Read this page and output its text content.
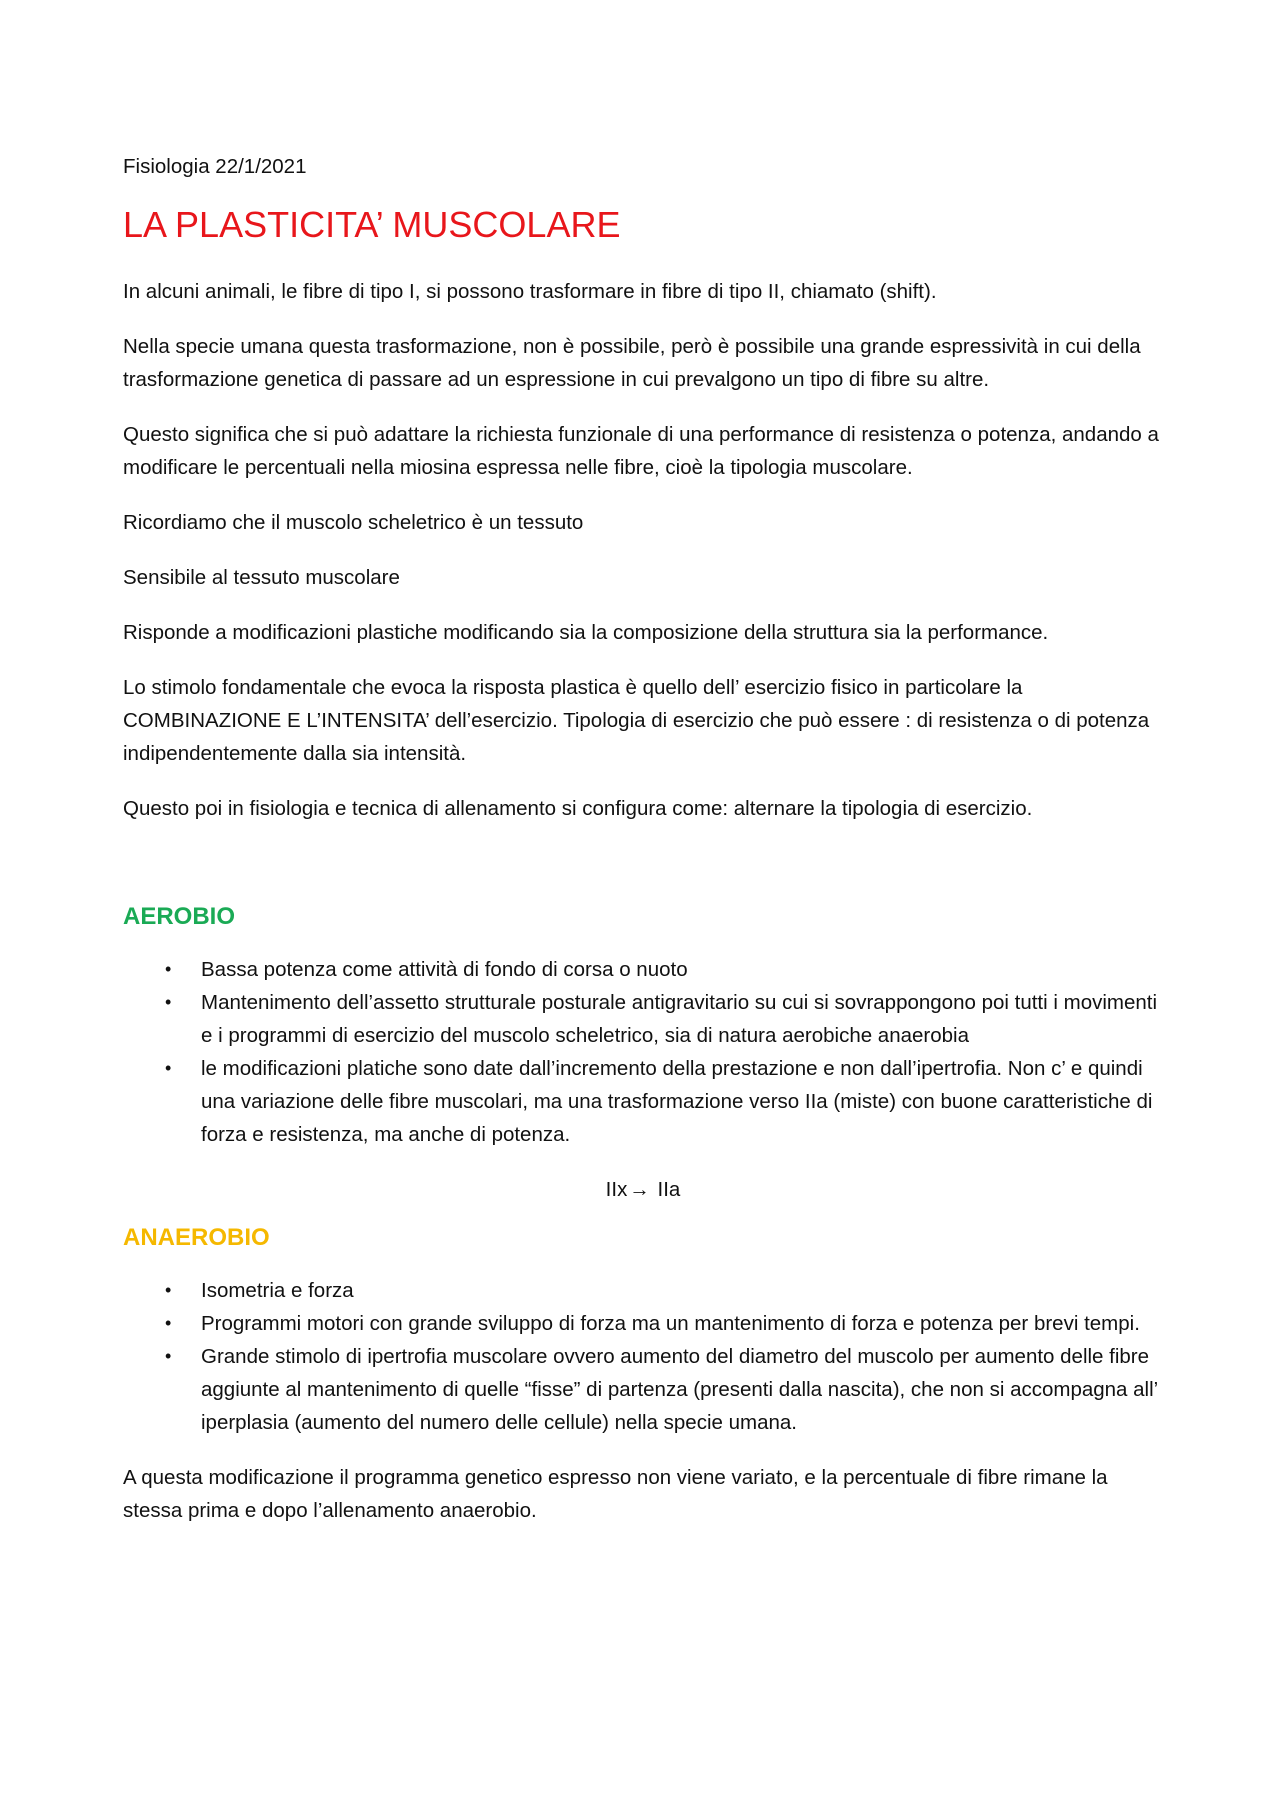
Fisiologia 22/1/2021
LA PLASTICITA’ MUSCOLARE

In alcuni animali, le fibre di tipo I, si possono trasformare in fibre di tipo II, chiamato (shift).

Nella specie umana questa trasformazione, non è possibile, però è possibile una grande espressività in cui della trasformazione genetica di passare ad un espressione in cui prevalgono un tipo di fibre su altre.

Questo significa che si può adattare la richiesta funzionale di una performance di resistenza o potenza, andando a modificare le percentuali nella miosina espressa nelle fibre, cioè la tipologia muscolare.

Ricordiamo che il muscolo scheletrico è un tessuto

Sensibile al tessuto muscolare

Risponde a modificazioni plastiche modificando sia la composizione della struttura sia la performance.

Lo stimolo fondamentale che evoca la risposta plastica è quello dell’ esercizio fisico in particolare la COMBINAZIONE E L’INTENSITA’ dell’esercizio. Tipologia di esercizio che può essere : di resistenza o di potenza indipendentemente dalla sia intensità.

Questo poi in fisiologia e tecnica di allenamento si configura come: alternare la tipologia di esercizio.

AEROBIO
• Bassa potenza come attività di fondo di corsa o nuoto
• Mantenimento dell’assetto strutturale posturale antigravitario su cui si sovrappongono poi tutti i movimenti e i programmi di esercizio del muscolo scheletrico, sia di natura aerobiche anaerobia
• le modificazioni platiche sono date dall’incremento della prestazione e non dall’ipertrofia. Non c’ e quindi una variazione delle fibre muscolari, ma una trasformazione verso IIa (miste) con buone caratteristiche di forza e resistenza, ma anche di potenza.
IIx→ IIa
ANAEROBIO
• Isometria e forza
• Programmi motori con grande sviluppo di forza ma un mantenimento di forza e potenza per brevi tempi.
• Grande stimolo di ipertrofia muscolare ovvero aumento del diametro del muscolo per aumento delle fibre aggiunte al mantenimento di quelle “fisse” di partenza (presenti dalla nascita), che non si accompagna all’ iperplasia (aumento del numero delle cellule) nella specie umana.

A questa modificazione il programma genetico espresso non viene variato, e la percentuale di fibre rimane la stessa prima e dopo l’allenamento anaerobio.
